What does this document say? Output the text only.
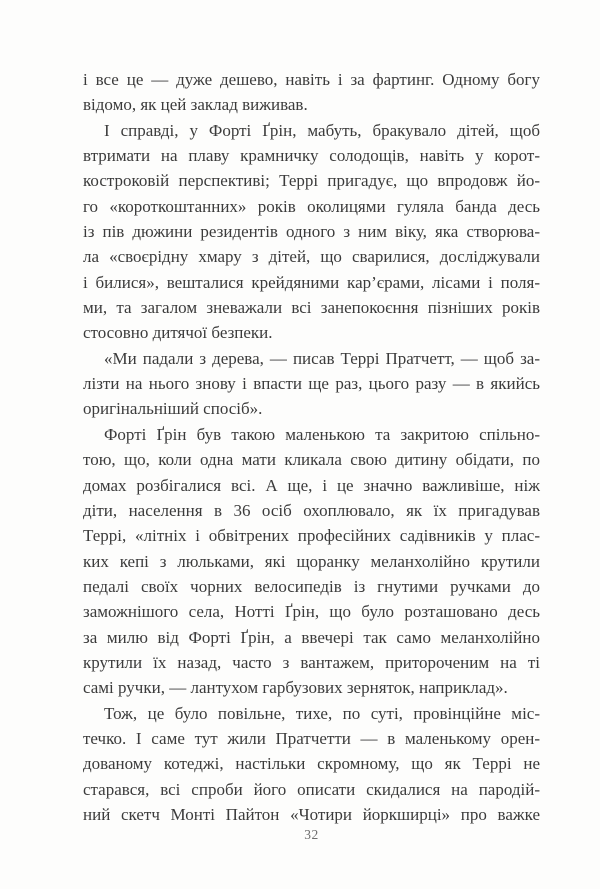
і все це — дуже дешево, навіть і за фартинг. Одному богу
відомо, як цей заклад виживав.
І справді, у Форті Ґрін, мабуть, бракувало дітей, щоб
втримати на плаву крамничку солодощів, навіть у корот-
костроковій перспективі; Террі пригадує, що впродовж йо-
го «короткоштанних» років околицями гуляла банда десь
із пів дюжини резидентів одного з ним віку, яка створюва-
ла «своєрідну хмару з дітей, що сварилися, досліджували
і билися», вешталися крейдяними кар’єрами, лісами і поля-
ми, та загалом зневажали всі занепокоєння пізніших років
стосовно дитячої безпеки.
«Ми падали з дерева, — писав Террі Пратчетт, — щоб за-
лізти на нього знову і впасти ще раз, цього разу — в якийсь
оригінальніший спосіб».
Форті Ґрін був такою маленькою та закритою спільно-
тою, що, коли одна мати кликала свою дитину обідати, по
домах розбігалися всі. А ще, і це значно важливіше, ніж
діти, населення в 36 осіб охоплювало, як їх пригадував
Террі, «літніх і обвітрених професійних садівників у плас-
ких кепі з люльками, які щоранку меланхолійно крутили
педалі своїх чорних велосипедів із гнутими ручками до
заможнішого села, Нотті Ґрін, що було розташовано десь
за милю від Форті Ґрін, а ввечері так само меланхолійно
крутили їх назад, часто з вантажем, притороченим на ті
самі ручки, — лантухом гарбузових зерняток, наприклад».
Тож, це було повільне, тихе, по суті, провінційне міс-
течко. І саме тут жили Пратчетти — в маленькому орен-
дованому котеджі, настільки скромному, що як Террі не
старався, всі спроби його описати скидалися на пародій-
ний скетч Монті Пайтон «Чотири йоркширці» про важке
32
